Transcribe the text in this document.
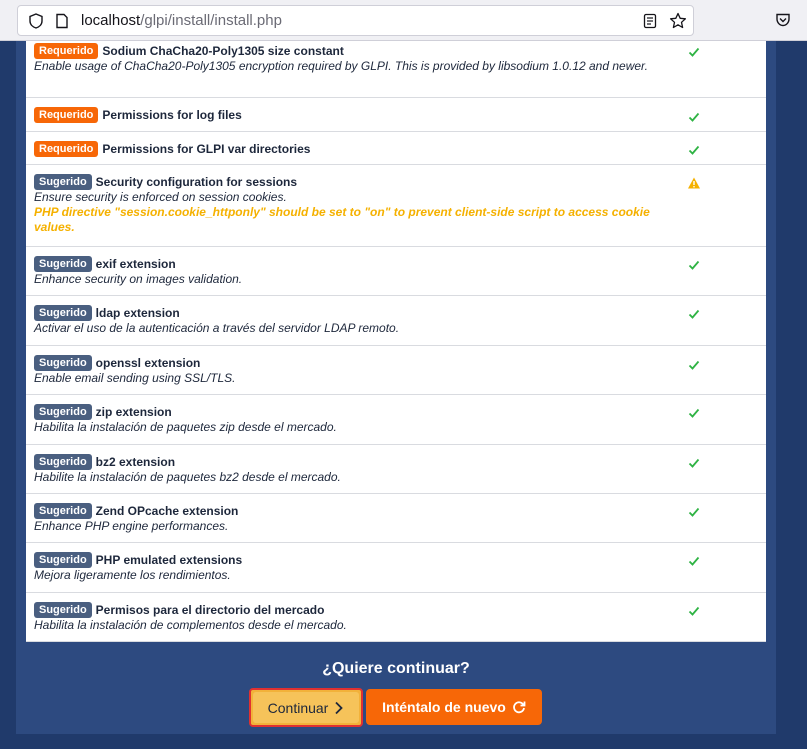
localhost/glpi/install/install.php
Requerido Sodium ChaCha20-Poly1305 size constant
Enable usage of ChaCha20-Poly1305 encryption required by GLPI. This is provided by libsodium 1.0.12 and newer.
Requerido Permissions for log files
Requerido Permissions for GLPI var directories
Sugerido Security configuration for sessions
Ensure security is enforced on session cookies.
PHP directive "session.cookie_httponly" should be set to "on" to prevent client-side script to access cookie values.
Sugerido exif extension
Enhance security on images validation.
Sugerido ldap extension
Activar el uso de la autenticación a través del servidor LDAP remoto.
Sugerido openssl extension
Enable email sending using SSL/TLS.
Sugerido zip extension
Habilita la instalación de paquetes zip desde el mercado.
Sugerido bz2 extension
Habilite la instalación de paquetes bz2 desde el mercado.
Sugerido Zend OPcache extension
Enhance PHP engine performances.
Sugerido PHP emulated extensions
Mejora ligeramente los rendimientos.
Sugerido Permisos para el directorio del mercado
Habilita la instalación de complementos desde el mercado.
¿Quiere continuar?
Continuar	Inténtalo de nuevo
